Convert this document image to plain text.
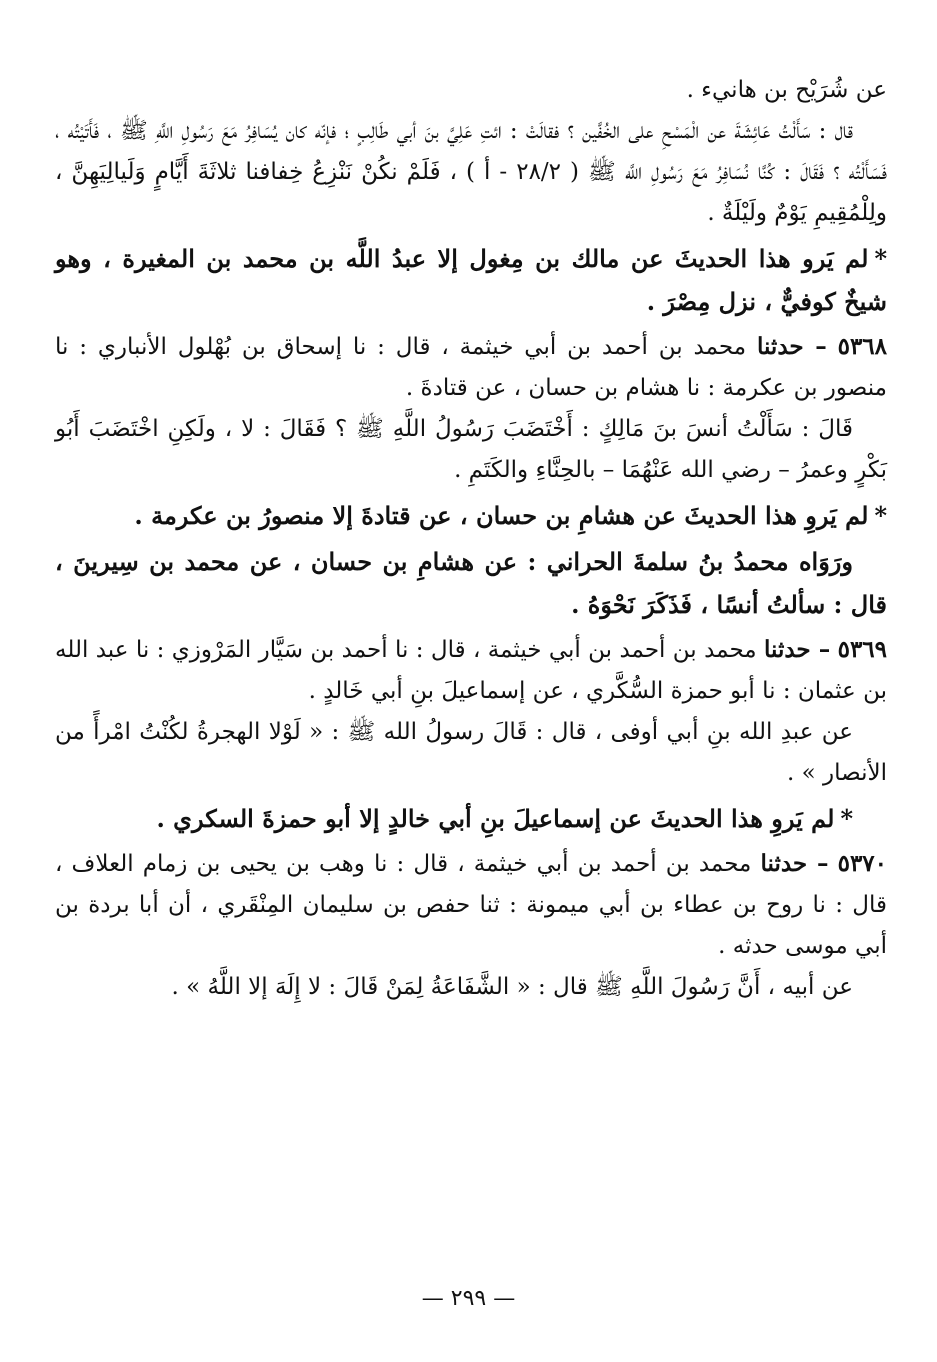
عن شُرَيْح بن هانيء .

قال : سَأَلْتُ عَائِشَةَ عن الْمَسْحِ على الخُفَّين ؟ فقالَتْ : ائتِ عَلِيَّ بنَ أبي طَالِبٍ ؛ فإنّه كان يُسَافِرُ مَعَ رَسُولِ اللَّهِ ﷺ ، فَأَتَيْتُه ، فَسَأَلْتُه ؟ فَقَالَ : كُنَّا نُسَافِرُ مَعَ رَسُولِ اللَّه ﷺ ( ٢٨/٢ - أ ) ، فَلَمْ نكُنْ نَنْزِعُ خِفافنا ثلاثَةَ أَيَّامٍ وَلَيالِيَهِنَّ ، ولِلْمُقِيمِ يَوْمٌ ولَيْلَةٌ .

*لم يَرو هذا الحديثَ عن مالك بن مِغول إلا عبدُ اللَّه بن محمد بن المغيرة ، وهو شيخٌ كوفيٌّ ، نزل مِصْرَ .

٥٣٦٨ – حدثنا محمد بن أحمد بن أبي خيثمة ، قال : نا إسحاق بن بُهْلول الأنباري : نا منصور بن عكرمة : نا هشام بن حسان ، عن قتادةَ .

قَالَ : سَأَلْتُ أنسَ بنَ مَالِكٍ : أَخْتَضَبَ رَسُولُ اللَّهِ ﷺ ؟ فَقَالَ : لا ، ولَكِنِ اخْتَضَبَ أَبُو بَكْرٍ وعمرُ – رضي الله عَنْهُمَا – بالحِنَّاءِ والكَتَمِ .

*لم يَروِ هذا الحديثَ عن هشامِ بن حسان ، عن قتادةَ إلا منصورُ بن عكرمة .

ورَوَاه محمدُ بنُ سلمةَ الحراني : عن هشامِ بن حسان ، عن محمد بن سِيرينَ ، قال : سألتُ أنسًا ، فَذَكَرَ نَحْوَهُ .

٥٣٦٩ – حدثنا محمد بن أحمد بن أبي خيثمة ، قال : نا أحمد بن سَيَّار المَرْوزي : نا عبد الله بن عثمان : نا أبو حمزة السُّكَّري ، عن إسماعيلَ بنِ أبي خَالدٍ .

عن عبدِ الله بنِ أبي أوفى ، قال : قَالَ رسولُ الله ﷺ : « لَوْلا الهجرةُ لكُنْتُ امْرأً من الأنصار » .

*لم يَروِ هذا الحديثَ عن إسماعيلَ بنِ أبي خالدٍ إلا أبو حمزةَ السكري .

٥٣٧٠ – حدثنا محمد بن أحمد بن أبي خيثمة ، قال : نا وهب بن يحيى بن زمام العلاف ، قال : نا روح بن عطاء بن أبي ميمونة : ثنا حفص بن سليمان المِنْقَري ، أن أبا بردة بن أبي موسى حدثه .

عن أبيه ، أَنَّ رَسُولَ اللَّهِ ﷺ قال : « الشَّفَاعَةُ لِمَنْ قَالَ : لا إِلَهَ إلا اللَّهُ » .

— ٢٩٩ —
